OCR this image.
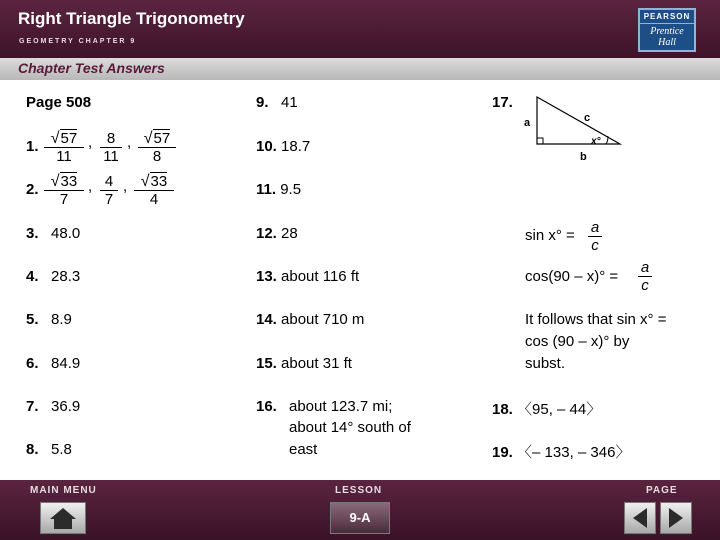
Right Triangle Trigonometry
GEOMETRY CHAPTER 9
PEARSON
Prentice Hall
Chapter Test Answers
Page 508
1. $\frac{√57}{11}$ , $\frac{8}{11}$ , $\frac{√57}{8}$
2. $\frac{√33}{7}$ , $\frac{4}{7}$ , $\frac{√33}{4}$
3. 48.0
4. 28.3
5. 8.9
6. 84.9
7. 36.9
8. 5.8
9. 41
10. 18.7
11. 9.5
12. 28
13. about 116 ft
14. about 710 m
15. about 31 ft
16. about 123.7 mi;
about 14° south of
east
17.
a	c
x°
b
$\sin x^\circ = \frac{a}{c}$
$\cos(90 - x)^\circ = \frac{a}{c}$
It follows that sin x° =
cos (90 – x)° by
subst.
18. 〈95, – 44〉
19. 〈– 133, – 346〉
MAIN MENU	LESSON	PAGE
9-A
